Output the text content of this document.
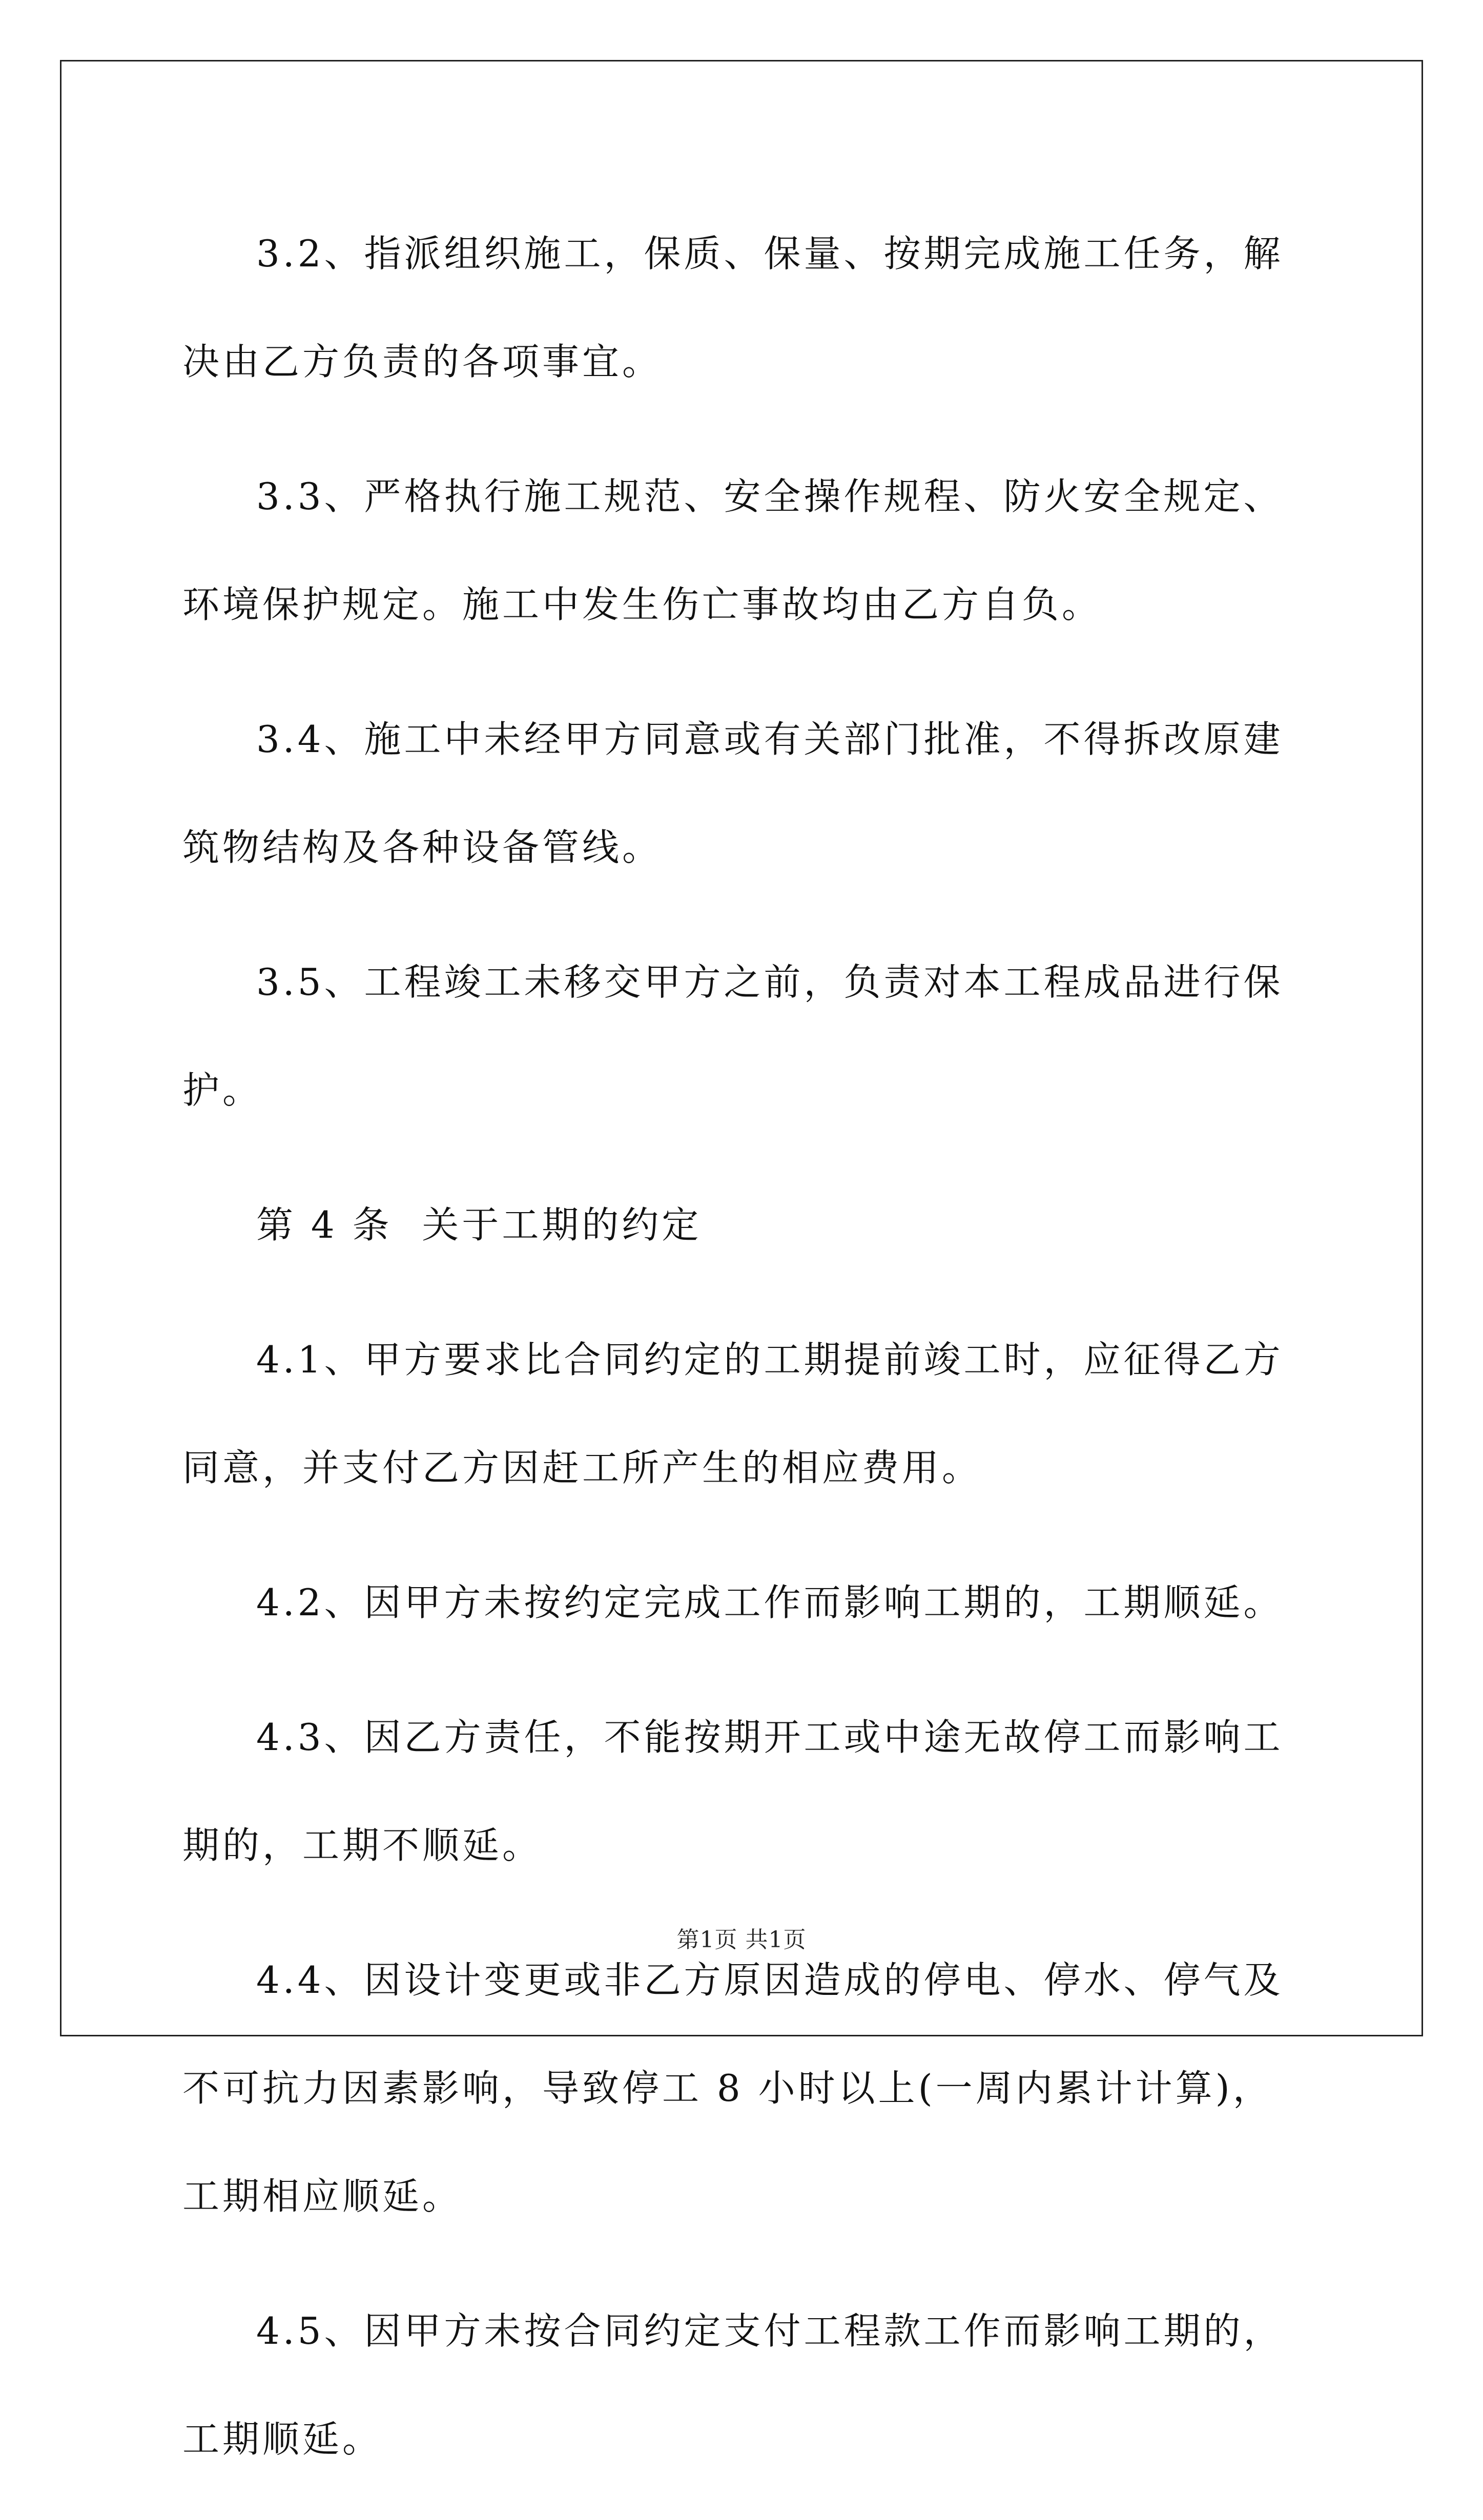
3.2、指派组织施工，保质、保量、按期完成施工任务，解决由乙方负责的各项事宜。

3.3、严格执行施工规范、安全操作规程、防火安全规定、环境保护规定。施工中发生伤亡事故均由乙方自负。

3.4、施工中未经甲方同意或有关部门批准，不得拆改原建筑物结构及各种设备管线。

3.5、工程竣工未移交甲方之前，负责对本工程成品进行保护。

第 4 条  关于工期的约定

4.1、甲方要求比合同约定的工期提前竣工时，应征得乙方同意，并支付乙方因赶工所产生的相应费用。

4.2、因甲方未按约定完成工作而影响工期的，工期顺延。

4.3、因乙方责任，不能按期开工或中途无故停工而影响工期的，工期不顺延。

4.4、因设计变更或非乙方原因造成的停电、停水、停气及不可抗力因素影响，导致停工 8 小时以上(一周内累计计算)，工期相应顺延。

4.5、因甲方未按合同约定支付工程款工作而影响工期的，工期顺延。

第1页 共1页
